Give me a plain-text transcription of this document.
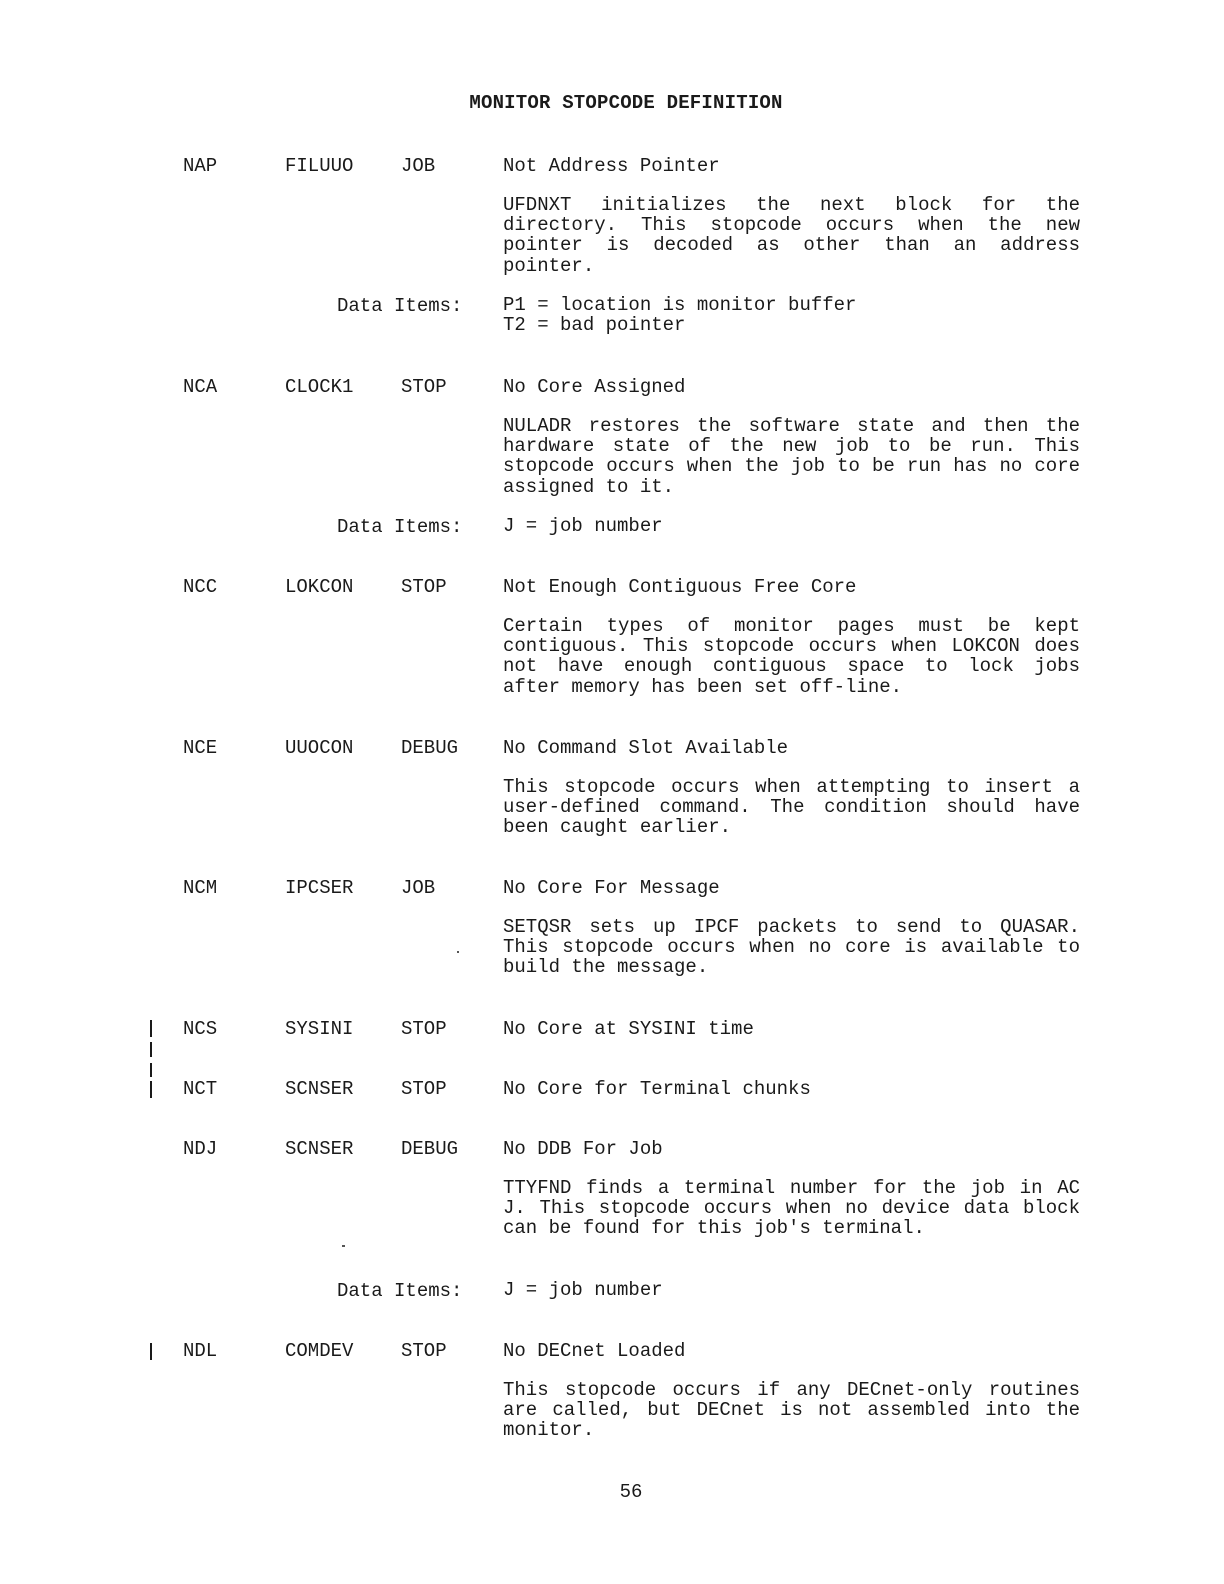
MONITOR STOPCODE DEFINITION
NAP	FILUUO	JOB	Not Address Pointer

UFDNXT initializes the next block for the directory. This stopcode occurs when the new pointer is decoded as other than an address pointer.

Data Items: P1 = location is monitor buffer
T2 = bad pointer
NCA	CLOCK1	STOP	No Core Assigned

NULADR restores the software state and then the hardware state of the new job to be run. This stopcode occurs when the job to be run has no core assigned to it.

Data Items: J = job number
NCC	LOKCON	STOP	Not Enough Contiguous Free Core

Certain types of monitor pages must be kept contiguous. This stopcode occurs when LOKCON does not have enough contiguous space to lock jobs after memory has been set off-line.

NCE	UUOCON	DEBUG No Command Slot Available

This stopcode occurs when attempting to insert a user-defined command. The condition should have been caught earlier.

NCM	IPCSER	JOB	No Core For Message

SETQSR sets up IPCF packets to send to QUASAR. This stopcode occurs when no core is available to build the message.

NCS	SYSINI	STOP	No Core at SYSINI time
NCT	SCNSER	STOP	No Core for Terminal chunks
NDJ	SCNSER	DEBUG No DDB For Job

TTYFND finds a terminal number for the job in AC J. This stopcode occurs when no device data block can be found for this job's terminal.

Data Items: J = job number
NDL	COMDEV	STOP	No DECnet Loaded

This stopcode occurs if any DECnet-only routines are called, but DECnet is not assembled into the monitor.

56
